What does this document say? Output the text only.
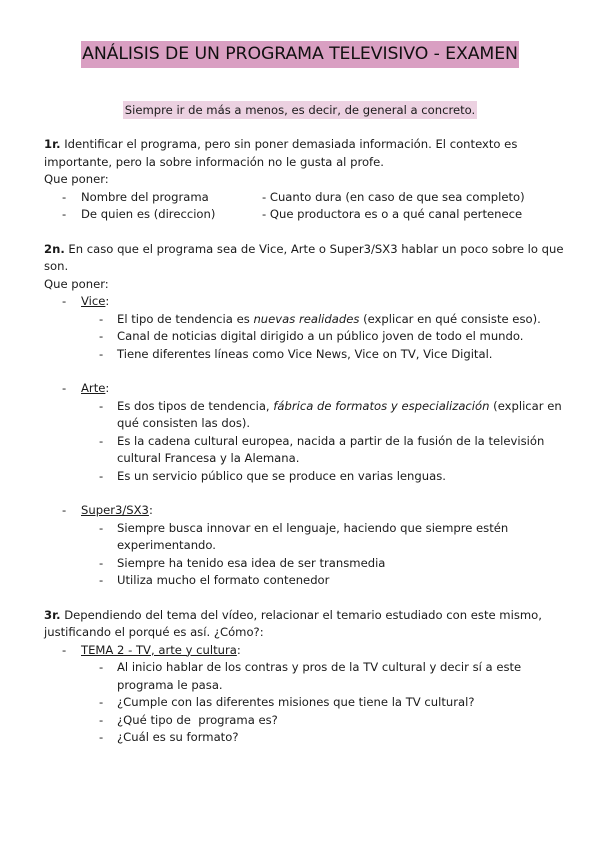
ANÁLISIS DE UN PROGRAMA TELEVISIVO - EXAMEN
Siempre ir de más a menos, es decir, de general a concreto.

1r. Identificar el programa, pero sin poner demasiada información. El contexto es importante, pero la sobre información no le gusta al profe.

Que poner:

- Nombre del programa	- Cuanto dura (en caso de que sea completo)
- De quien es (direccion)	- Que productora es o a qué canal pertenece

2n. En caso que el programa sea de Vice, Arte o Super3/SX3 hablar un poco sobre lo que son.

Que poner:

- Vice:
- El tipo de tendencia es nuevas realidades (explicar en qué consiste eso).
- Canal de noticias digital dirigido a un público joven de todo el mundo.
- Tiene diferentes líneas como Vice News, Vice on TV, Vice Digital.
- Arte:
- Es dos tipos de tendencia, fábrica de formatos y especialización (explicar en qué consisten las dos).
- Es la cadena cultural europea, nacida a partir de la fusión de la televisión cultural Francesa y la Alemana.
- Es un servicio público que se produce en varias lenguas.
- Super3/SX3:
- Siempre busca innovar en el lenguaje, haciendo que siempre estén experimentando.
- Siempre ha tenido esa idea de ser transmedia
- Utiliza mucho el formato contenedor

3r. Dependiendo del tema del vídeo, relacionar el temario estudiado con este mismo, justificando el porqué es así. ¿Cómo?:

- TEMA 2 - TV, arte y cultura:
- Al inicio hablar de los contras y pros de la TV cultural y decir sí a este programa le pasa.
- ¿Cumple con las diferentes misiones que tiene la TV cultural?
- ¿Qué tipo de  programa es?
- ¿Cuál es su formato?
